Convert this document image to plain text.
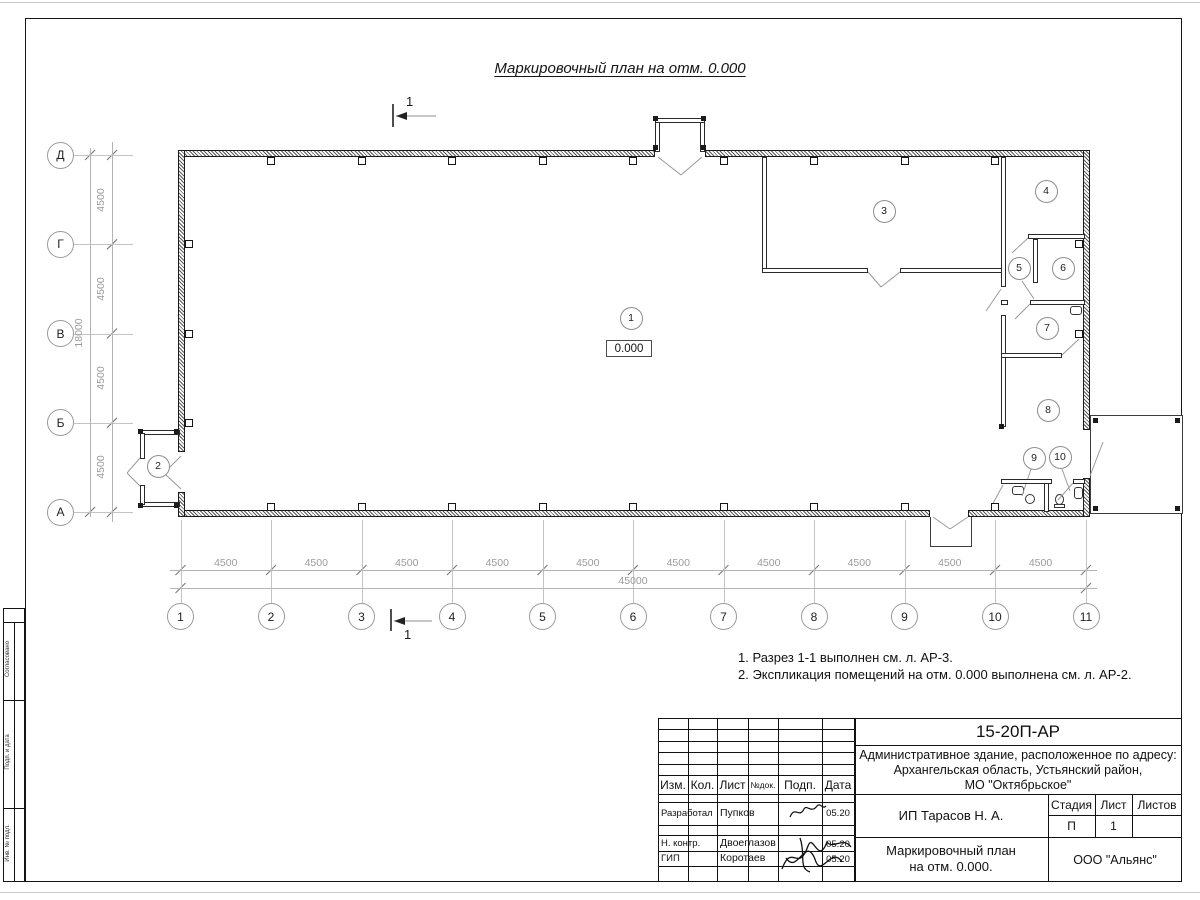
Согласовано
Подп. и дата
Инв. № подл.
Маркировочный план на отм. 0.000
0.000
1
1
1. Разрез 1-1 выполнен см. л. АР-3.
2. Экспликация помещений на отм. 0.000 выполнена см. л. АР-2.
15-20П-АР
Административное здание, расположенное по адресу:
Архангельская область, Устьянский район,
МО "Октябрьское"
Изм. Кол. Лист №док. Подп. Дата
Разработал Пупков	05.20
Н. контр. Двоеглазов	05.20
ГИП	Коротаев	05.20
ИП Тарасов Н. А.
Стадия Лист Листов
П	1
Маркировочный план
на отм. 0.000.	ООО "Альянс"
1	2	3	4	5	6	7	8	9	10	11
Д
Г
В
Б
А
4500	4500	4500	4500	4500	4500	4500	4500	4500	4500
45000
4500
4500
4500
4500
18000
1
2
3
4
5	6
7
8
9	10
